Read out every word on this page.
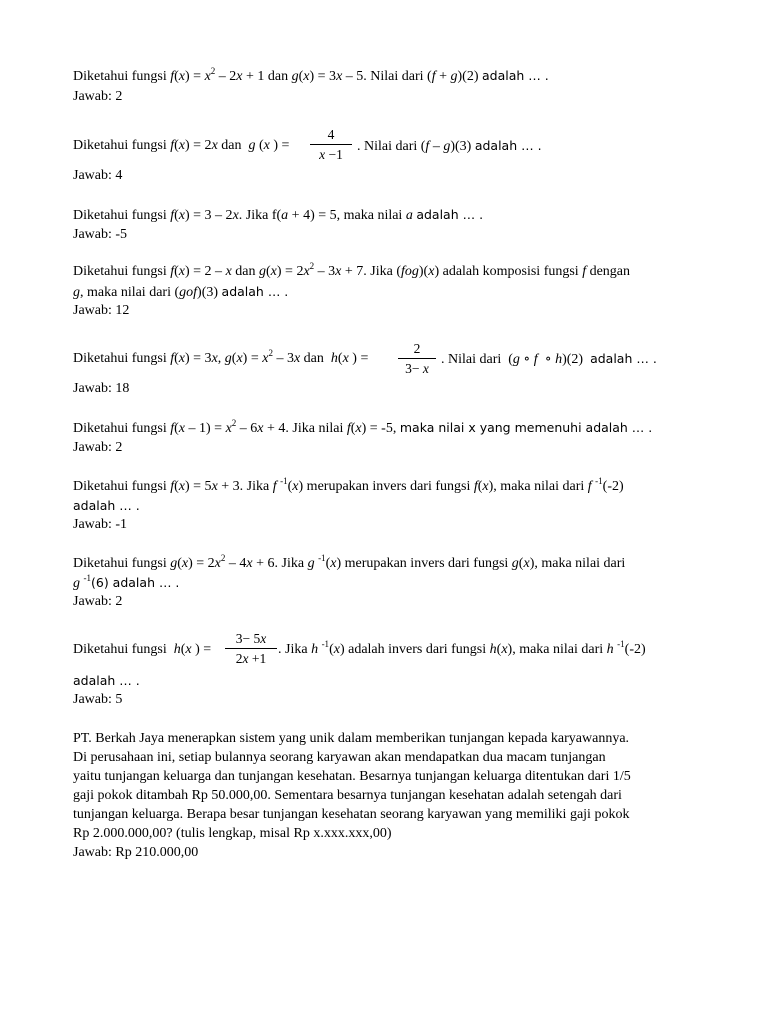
Diketahui fungsi $f(x) = x^2 - 2x + 1$ dan g(x) = 3x – 5. Nilai dari (f + g)(2) adalah … .
Jawab: 2
Diketahui fungsi f(x) = 2x dan  g (x ) =
4
x −1
. Nilai dari (f – g)(3) adalah … .
Jawab: 4
Diketahui fungsi f(x) = 3 – 2x. Jika f(a + 4) = 5, maka nilai a adalah … .
Jawab: -5
Diketahui fungsi f(x) = 2 – x dan $g(x) = 2x^2 - 3x + 7$. Jika (fog)(x) adalah komposisi fungsi f dengan
g, maka nilai dari (gof)(3) adalah … .
Jawab: 12
Diketahui fungsi f(x) = 3x, $g(x) = x^2 - 3x$ dan  h(x ) =
2
3− x
. Nilai dari  (g ∘ f  ∘ h)(2)  adalah … .
Jawab: 18
Diketahui fungsi $f(x - 1) = x^2 - 6x + 4$. Jika nilai f(x) = -5, maka nilai x yang memenuhi adalah … .
Jawab: 2
Diketahui fungsi f(x) = 5x + 3. Jika f $^{-1}$(x) merupakan invers dari fungsi f(x), maka nilai dari f $^{-1}$(-2)
adalah … .
Jawab: -1
Diketahui fungsi $g(x) = 2x^2 - 4x + 6$. Jika g $^{-1}$(x) merupakan invers dari fungsi g(x), maka nilai dari
g $^{-1}$(6) adalah … .
Jawab: 2
Diketahui fungsi  h(x ) =
3− 5x
2x +1
. Jika h $^{-1}$(x) adalah invers dari fungsi h(x), maka nilai dari h $^{-1}$(-2)
adalah … .
Jawab: 5
PT. Berkah Jaya menerapkan sistem yang unik dalam memberikan tunjangan kepada karyawannya.
Di perusahaan ini, setiap bulannya seorang karyawan akan mendapatkan dua macam tunjangan
yaitu tunjangan keluarga dan tunjangan kesehatan. Besarnya tunjangan keluarga ditentukan dari 1/5
gaji pokok ditambah Rp 50.000,00. Sementara besarnya tunjangan kesehatan adalah setengah dari
tunjangan keluarga. Berapa besar tunjangan kesehatan seorang karyawan yang memiliki gaji pokok
Rp 2.000.000,00? (tulis lengkap, misal Rp x.xxx.xxx,00)
Jawab: Rp 210.000,00
